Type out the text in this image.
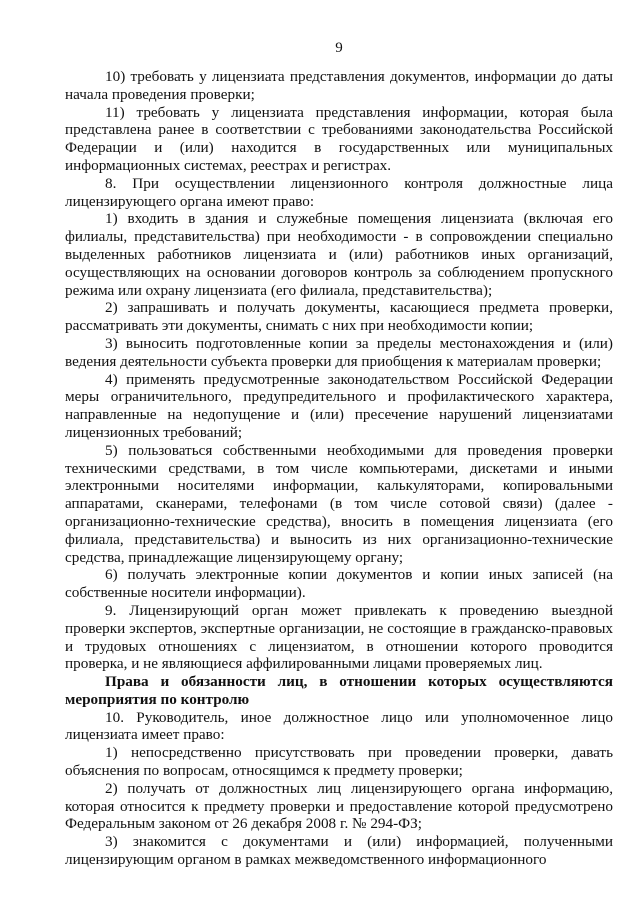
9

10) требовать у лицензиата представления документов, информации до даты начала проведения проверки;

11) требовать у лицензиата представления информации, которая была представлена ранее в соответствии с требованиями законодательства Российской Федерации и (или) находится в государственных или муниципальных информационных системах, реестрах и регистрах.

8. При осуществлении лицензионного контроля должностные лица лицензирующего органа имеют право:

1) входить в здания и служебные помещения лицензиата (включая его филиалы, представительства) при необходимости - в сопровождении специально выделенных работников лицензиата и (или) работников иных организаций, осуществляющих на основании договоров контроль за соблюдением пропускного режима или охрану лицензиата (его филиала, представительства);

2) запрашивать и получать документы, касающиеся предмета проверки, рассматривать эти документы, снимать с них при необходимости копии;

3) выносить подготовленные копии за пределы местонахождения и (или) ведения деятельности субъекта проверки для приобщения к материалам проверки;

4) применять предусмотренные законодательством Российской Федерации меры ограничительного, предупредительного и профилактического характера, направленные на недопущение и (или) пресечение нарушений лицензиатами лицензионных требований;

5) пользоваться собственными необходимыми для проведения проверки техническими средствами, в том числе компьютерами, дискетами и иными электронными носителями информации, калькуляторами, копировальными аппаратами, сканерами, телефонами (в том числе сотовой связи) (далее - организационно-технические средства), вносить в помещения лицензиата (его филиала, представительства) и выносить из них организационно-технические средства, принадлежащие лицензирующему органу;

6) получать электронные копии документов и копии иных записей (на собственные носители информации).

9. Лицензирующий орган может привлекать к проведению выездной проверки экспертов, экспертные организации, не состоящие в гражданско-правовых и трудовых отношениях с лицензиатом, в отношении которого проводится проверка, и не являющиеся аффилированными лицами проверяемых лиц.

Права и обязанности лиц, в отношении которых осуществляются мероприятия по контролю

10. Руководитель, иное должностное лицо или уполномоченное лицо лицензиата имеет право:

1) непосредственно присутствовать при проведении проверки, давать объяснения по вопросам, относящимся к предмету проверки;

2) получать от должностных лиц лицензирующего органа информацию, которая относится к предмету проверки и предоставление которой предусмотрено Федеральным законом от 26 декабря 2008 г. № 294-ФЗ;

3) знакомится с документами и (или) информацией, полученными лицензирующим органом в рамках межведомственного информационного
